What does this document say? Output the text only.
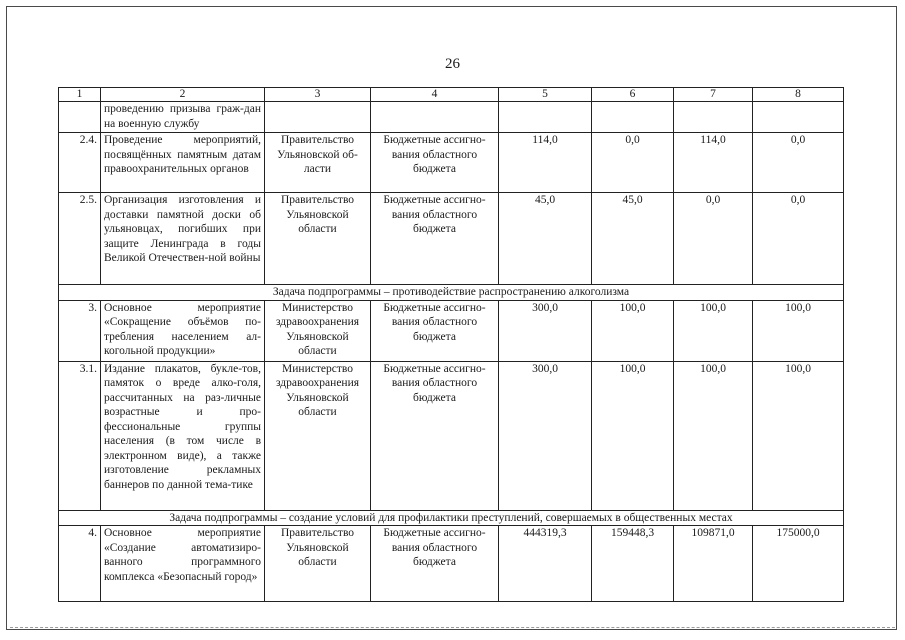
26
1	2	3	4	5	6	7	8
	проведению призыва граж-дан на военную службу						
2.4.	Проведение мероприятий, посвящённых памятным датам правоохранительных органов	Правительство Ульяновской об-ласти	Бюджетные ассигно-вания областного бюджета	114,0	0,0	114,0	0,0
2.5.	Организация изготовления и доставки памятной доски об ульяновцах, погибших при защите Ленинграда в годы Великой Отечествен-ной войны	Правительство Ульяновской области	Бюджетные ассигно-вания областного бюджета	45,0	45,0	0,0	0,0
Задача подпрограммы – противодействие распространению алкоголизма							
3.	Основное мероприятие «Сокращение объёмов по-требления населением ал-когольной продукции»	Министерство здравоохранения Ульяновской области	Бюджетные ассигно-вания областного бюджета	300,0	100,0	100,0	100,0
3.1.	Издание плакатов, букле-тов, памяток о вреде алко-голя, рассчитанных на раз-личные возрастные и про-фессиональные группы населения (в том числе в электронном виде), а также изготовление рекламных баннеров по данной тема-тике	Министерство здравоохранения Ульяновской области	Бюджетные ассигно-вания областного бюджета	300,0	100,0	100,0	100,0
Задача подпрограммы – создание условий для профилактики преступлений, совершаемых в общественных местах							
4.	Основное мероприятие «Создание автоматизиро-ванного программного комплекса «Безопасный город»	Правительство Ульяновской области	Бюджетные ассигно-вания областного бюджета	444319,3	159448,3	109871,0	175000,0
